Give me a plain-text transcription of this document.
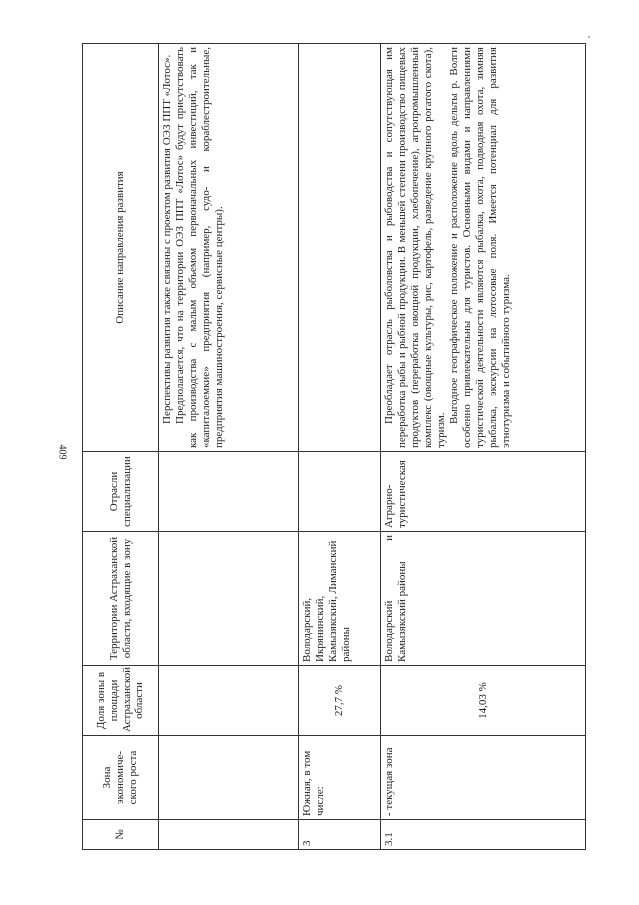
409
№	Зона экономиче-ского роста	Доля зоны в площади Астраханской области	Территории Астраханской области, входящие в зону	Отрасли специализации	Описание направления развития

					Перспективы развития также связаны с проектом развития ОЭЗ ППТ «Лотос». Предполагается, что на территории ОЭЗ ППТ «Лотос» будут присутствовать как производства с малым объемом первоначальных инвестиций, так и «капиталоемкие» предприятия (например, судо- и кораблестроительные, предприятия машиностроения, сервисные центры).

3	Южная, в том числе:	27,7 %	Володарский, Икрянинский, Камызякский, Лиманский районы		
3.1	- текущая зона	14,03 %	Володарский и Камызякский районы	Аграрно-туристическая	Преобладает отрасль рыболовства и рыбоводства и сопутствующая им переработка рыбы и рыбной продукции. В меньшей степени производство пищевых продуктов (переработка овощной продукции, хлебопечение), агропромышленный комплекс (овощные культуры, рис, картофель, разведение крупного рогатого скота), туризм.

Выгодное географическое положение и расположение вдоль дельты р. Волги особенно привлекательны для туристов. Основными видами и направлениями туристической деятельности являются рыбалка, охота, подводная охота, зимняя рыбалка, экскурсии на лотосовые поля. Имеется потенциал для развития этнотуризма и событийного туризма.
